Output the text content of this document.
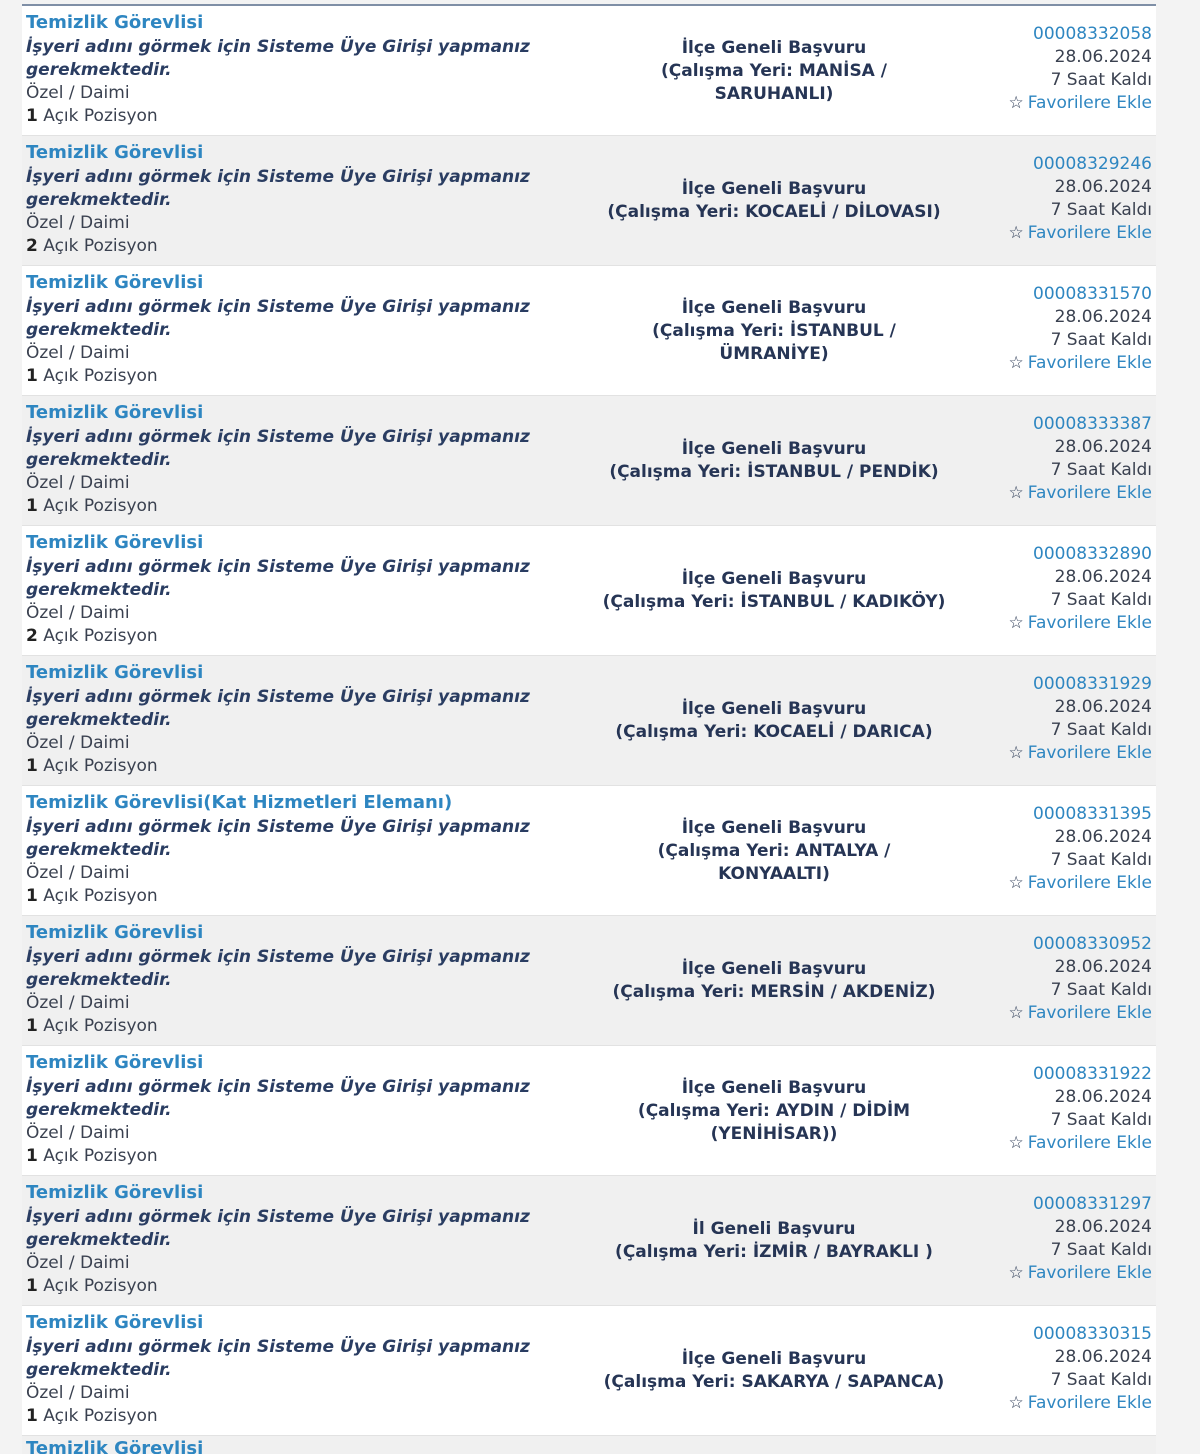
Temizlik Görevlisi
İşyeri adını görmek için Sisteme Üye Girişi yapmanız gerekmektedir.
Özel / Daimi
1 Açık Pozisyon
İlçe Geneli Başvuru
(Çalışma Yeri: MANİSA / SARUHANLI)
00008332058
28.06.2024
7 Saat Kaldı
☆ Favorilere Ekle
Temizlik Görevlisi
İşyeri adını görmek için Sisteme Üye Girişi yapmanız gerekmektedir.
Özel / Daimi
2 Açık Pozisyon
İlçe Geneli Başvuru
(Çalışma Yeri: KOCAELİ / DİLOVASI)
00008329246
28.06.2024
7 Saat Kaldı
☆ Favorilere Ekle
Temizlik Görevlisi
İşyeri adını görmek için Sisteme Üye Girişi yapmanız gerekmektedir.
Özel / Daimi
1 Açık Pozisyon
İlçe Geneli Başvuru
(Çalışma Yeri: İSTANBUL / ÜMRANİYE)
00008331570
28.06.2024
7 Saat Kaldı
☆ Favorilere Ekle
Temizlik Görevlisi
İşyeri adını görmek için Sisteme Üye Girişi yapmanız gerekmektedir.
Özel / Daimi
1 Açık Pozisyon
İlçe Geneli Başvuru
(Çalışma Yeri: İSTANBUL / PENDİK)
00008333387
28.06.2024
7 Saat Kaldı
☆ Favorilere Ekle
Temizlik Görevlisi
İşyeri adını görmek için Sisteme Üye Girişi yapmanız gerekmektedir.
Özel / Daimi
2 Açık Pozisyon
İlçe Geneli Başvuru
(Çalışma Yeri: İSTANBUL / KADIKÖY)
00008332890
28.06.2024
7 Saat Kaldı
☆ Favorilere Ekle
Temizlik Görevlisi
İşyeri adını görmek için Sisteme Üye Girişi yapmanız gerekmektedir.
Özel / Daimi
1 Açık Pozisyon
İlçe Geneli Başvuru
(Çalışma Yeri: KOCAELİ / DARICA)
00008331929
28.06.2024
7 Saat Kaldı
☆ Favorilere Ekle
Temizlik Görevlisi(Kat Hizmetleri Elemanı)
İşyeri adını görmek için Sisteme Üye Girişi yapmanız gerekmektedir.
Özel / Daimi
1 Açık Pozisyon
İlçe Geneli Başvuru
(Çalışma Yeri: ANTALYA / KONYAALTI)
00008331395
28.06.2024
7 Saat Kaldı
☆ Favorilere Ekle
Temizlik Görevlisi
İşyeri adını görmek için Sisteme Üye Girişi yapmanız gerekmektedir.
Özel / Daimi
1 Açık Pozisyon
İlçe Geneli Başvuru
(Çalışma Yeri: MERSİN / AKDENİZ)
00008330952
28.06.2024
7 Saat Kaldı
☆ Favorilere Ekle
Temizlik Görevlisi
İşyeri adını görmek için Sisteme Üye Girişi yapmanız gerekmektedir.
Özel / Daimi
1 Açık Pozisyon
İlçe Geneli Başvuru
(Çalışma Yeri: AYDIN / DİDİM (YENİHİSAR))
00008331922
28.06.2024
7 Saat Kaldı
☆ Favorilere Ekle
Temizlik Görevlisi
İşyeri adını görmek için Sisteme Üye Girişi yapmanız gerekmektedir.
Özel / Daimi
1 Açık Pozisyon
İl Geneli Başvuru
(Çalışma Yeri: İZMİR / BAYRAKLI )
00008331297
28.06.2024
7 Saat Kaldı
☆ Favorilere Ekle
Temizlik Görevlisi
İşyeri adını görmek için Sisteme Üye Girişi yapmanız gerekmektedir.
Özel / Daimi
1 Açık Pozisyon
İlçe Geneli Başvuru
(Çalışma Yeri: SAKARYA / SAPANCA)
00008330315
28.06.2024
7 Saat Kaldı
☆ Favorilere Ekle
Temizlik Görevlisi
